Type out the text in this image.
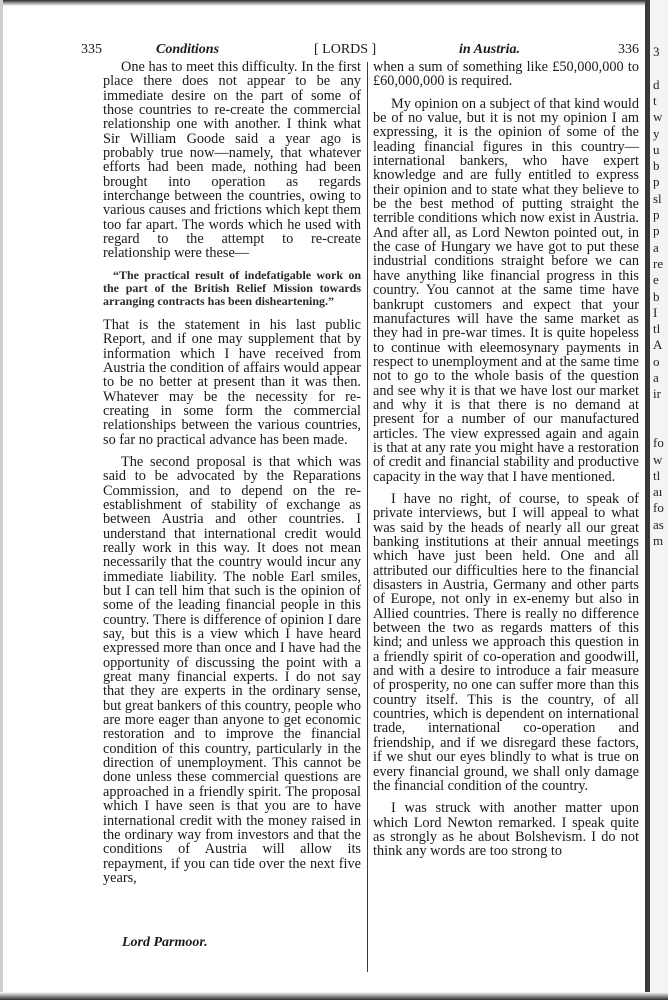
335	Conditions	[ LORDS ]	in Austria.	336

One has to meet this difficulty. In the first place there does not appear to be any immediate desire on the part of some of those countries to re-create the commercial relationship one with another. I think what Sir William Goode said a year ago is probably true now—namely, that whatever efforts had been made, nothing had been brought into operation as regards interchange between the countries, owing to various causes and frictions which kept them too far apart. The words which he used with regard to the attempt to re-create relationship were these—

“The practical result of indefatigable work on the part of the British Relief Mission towards arranging contracts has been disheartening.”

That is the statement in his last public Report, and if one may supplement that by information which I have received from Austria the condition of affairs would appear to be no better at present than it was then. Whatever may be the necessity for re-creating in some form the commercial relationships between the various countries, so far no practical advance has been made.

The second proposal is that which was said to be advocated by the Reparations Commission, and to depend on the re-establishment of stability of exchange as between Austria and other countries. I understand that international credit would really work in this way. It does not mean necessarily that the country would incur any immediate liability. The noble Earl smiles, but I can tell him that such is the opinion of some of the leading financial people in this country. There is difference of opinion I dare say, but this is a view which I have heard expressed more than once and I have had the opportunity of discussing the point with a great many financial experts. I do not say that they are experts in the ordinary sense, but great bankers of this country, people who are more eager than anyone to get economic restoration and to improve the financial condition of this country, particularly in the direction of unemployment. This cannot be done unless these commercial questions are approached in a friendly spirit. The proposal which I have seen is that you are to have international credit with the money raised in the ordinary way from investors and that the conditions of Austria will allow its repayment, if you can tide over the next five years,

when a sum of something like £50,000,000 to £60,000,000 is required.

My opinion on a subject of that kind would be of no value, but it is not my opinion I am expressing, it is the opinion of some of the leading financial figures in this country—international bankers, who have expert knowledge and are fully entitled to express their opinion and to state what they believe to be the best method of putting straight the terrible conditions which now exist in Austria. And after all, as Lord Newton pointed out, in the case of Hungary we have got to put these industrial conditions straight before we can have anything like financial progress in this country. You cannot at the same time have bankrupt customers and expect that your manufactures will have the same market as they had in pre-war times. It is quite hopeless to continue with eleemosynary payments in respect to unemployment and at the same time not to go to the whole basis of the question and see why it is that we have lost our market and why it is that there is no demand at present for a number of our manufactured articles. The view expressed again and again is that at any rate you might have a restoration of credit and financial stability and productive capacity in the way that I have mentioned.

I have no right, of course, to speak of private interviews, but I will appeal to what was said by the heads of nearly all our great banking institutions at their annual meetings which have just been held. One and all attributed our difficulties here to the financial disasters in Austria, Germany and other parts of Europe, not only in ex-enemy but also in Allied countries. There is really no difference between the two as regards matters of this kind; and unless we approach this question in a friendly spirit of co-operation and goodwill, and with a desire to introduce a fair measure of prosperity, no one can suffer more than this country itself. This is the country, of all countries, which is dependent on international trade, international co-operation and friendship, and if we disregard these factors, if we shut our eyes blindly to what is true on every financial ground, we shall only damage the financial condition of the country.

I was struck with another matter upon which Lord Newton remarked. I speak quite as strongly as he about Bolshevism. I do not think any words are too strong to

Lord Parmoor.
3
d
t
w
y
u
b
p
sl
p
p
a
re
e
b
I
tl
A
o
a
ir
fo
w
tl
aı
fo
as
m
